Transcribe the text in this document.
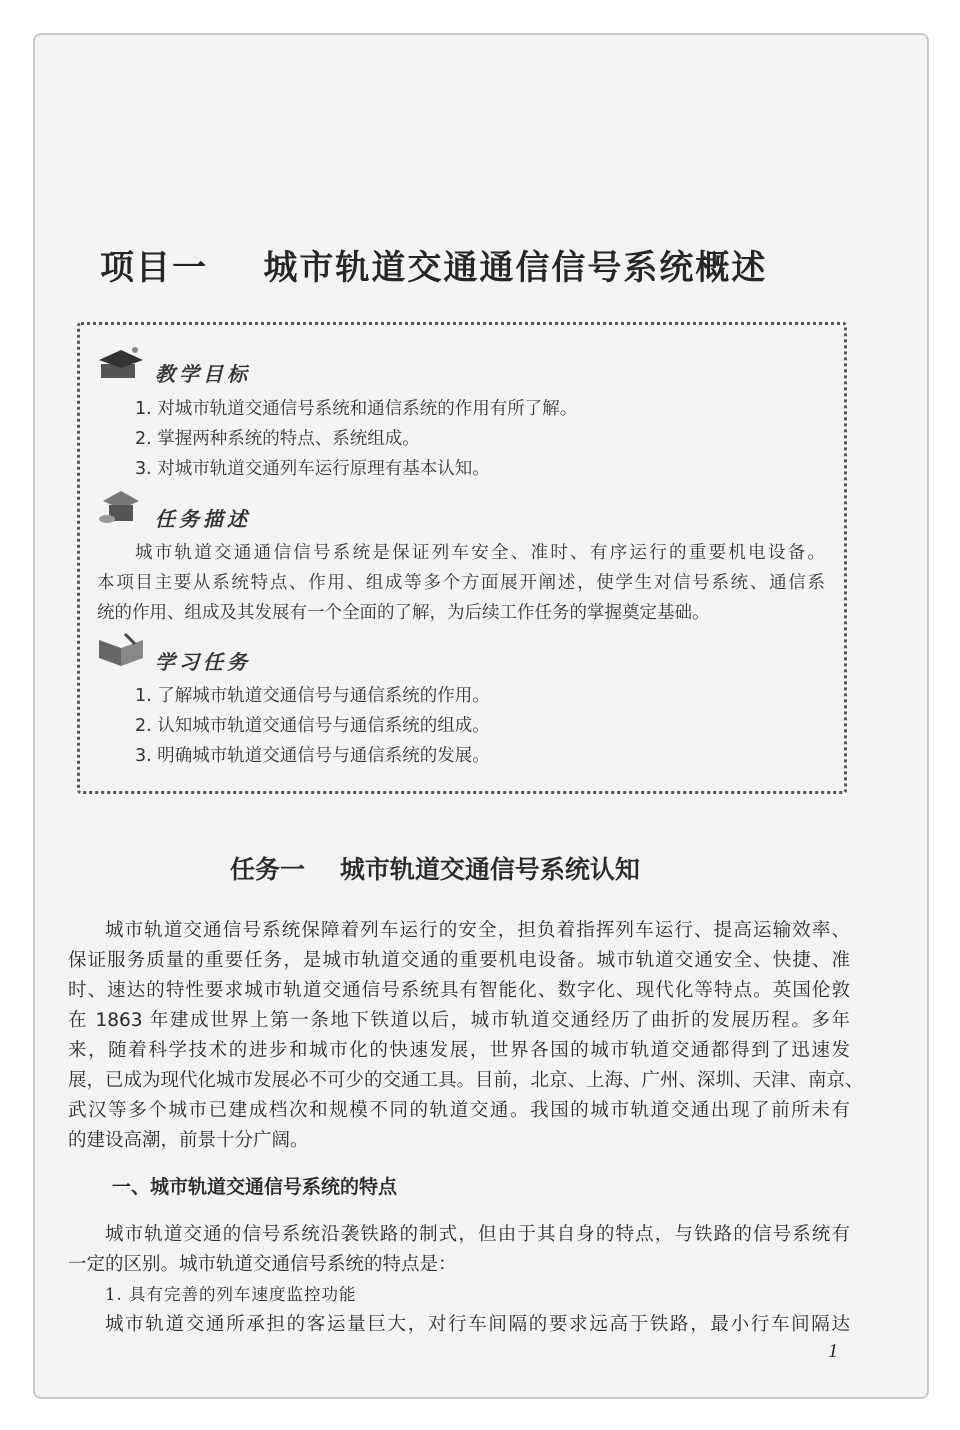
项目一    城市轨道交通通信信号系统概述
教学目标
1. 对城市轨道交通信号系统和通信系统的作用有所了解。
2. 掌握两种系统的特点、系统组成。
3. 对城市轨道交通列车运行原理有基本认知。
任务描述
城市轨道交通通信信号系统是保证列车安全、准时、有序运行的重要机电设备。
本项目主要从系统特点、作用、组成等多个方面展开阐述，使学生对信号系统、通信系
统的作用、组成及其发展有一个全面的了解，为后续工作任务的掌握奠定基础。
学习任务
1. 了解城市轨道交通信号与通信系统的作用。
2. 认知城市轨道交通信号与通信系统的组成。
3. 明确城市轨道交通信号与通信系统的发展。
任务一    城市轨道交通信号系统认知
城市轨道交通信号系统保障着列车运行的安全，担负着指挥列车运行、提高运输效率、
保证服务质量的重要任务，是城市轨道交通的重要机电设备。城市轨道交通安全、快捷、准
时、速达的特性要求城市轨道交通信号系统具有智能化、数字化、现代化等特点。英国伦敦
在 1863 年建成世界上第一条地下铁道以后，城市轨道交通经历了曲折的发展历程。多年
来，随着科学技术的进步和城市化的快速发展，世界各国的城市轨道交通都得到了迅速发
展，已成为现代化城市发展必不可少的交通工具。目前，北京、上海、广州、深圳、天津、南京、
武汉等多个城市已建成档次和规模不同的轨道交通。我国的城市轨道交通出现了前所未有
的建设高潮，前景十分广阔。
一、城市轨道交通信号系统的特点
城市轨道交通的信号系统沿袭铁路的制式，但由于其自身的特点，与铁路的信号系统有
一定的区别。城市轨道交通信号系统的特点是：
1. 具有完善的列车速度监控功能
城市轨道交通所承担的客运量巨大，对行车间隔的要求远高于铁路，最小行车间隔达
1
